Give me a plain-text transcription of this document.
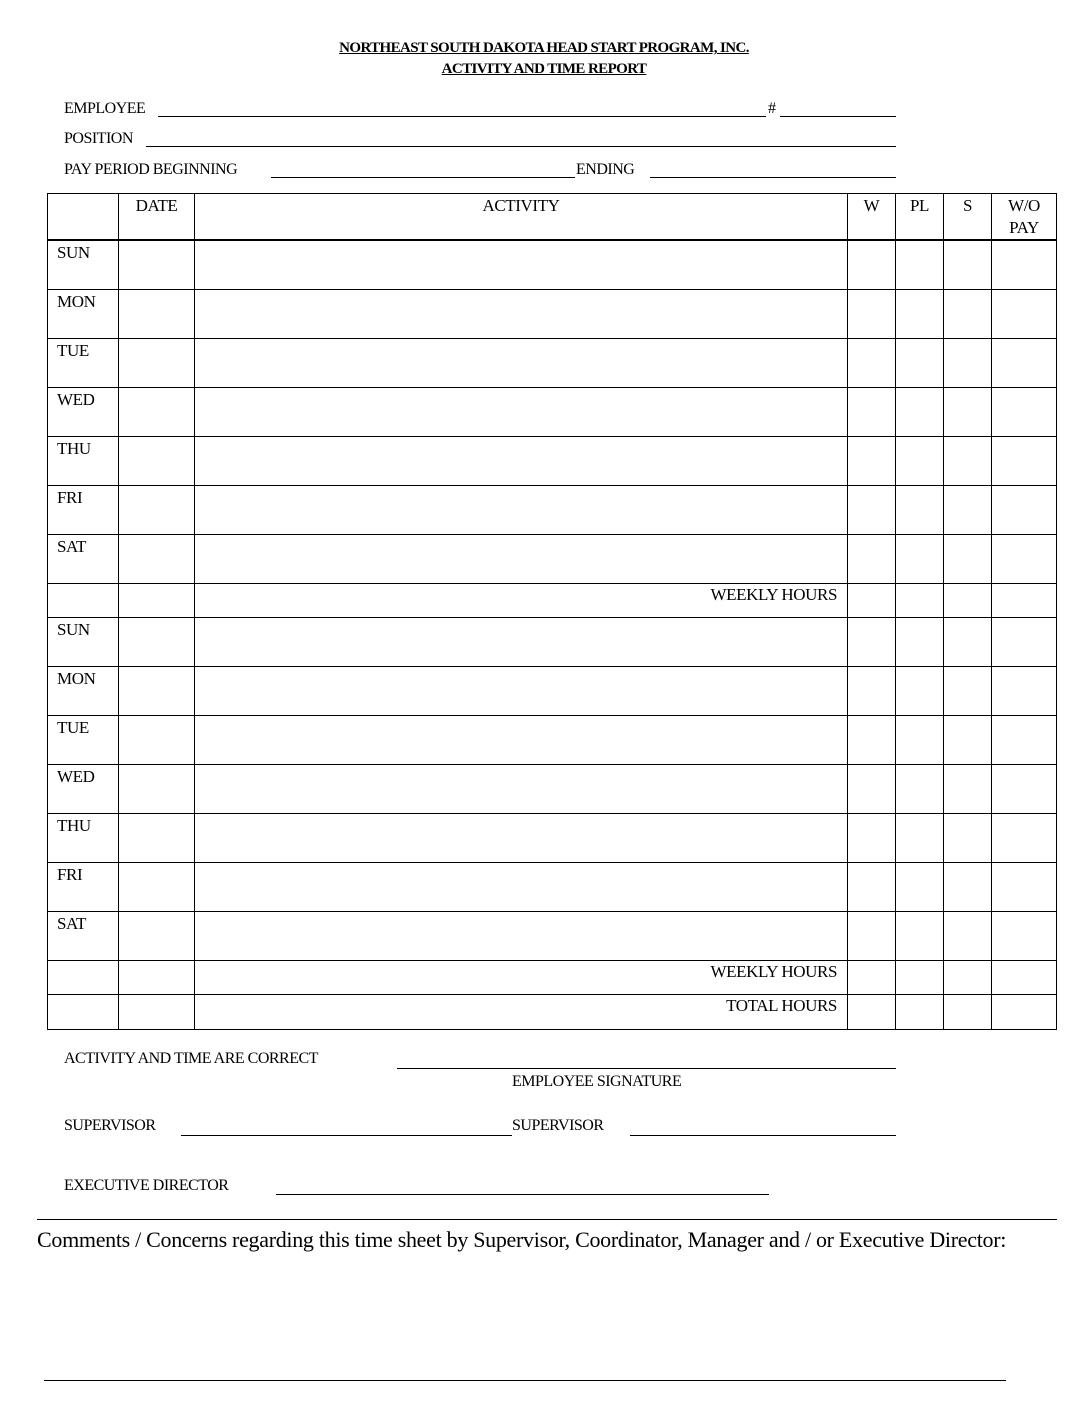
NORTHEAST SOUTH DAKOTA HEAD START PROGRAM, INC.
ACTIVITY AND TIME REPORT
EMPLOYEE	#
POSITION
PAY PERIOD BEGINNING	ENDING
	DATE	ACTIVITY	W	PL	S	W/O PAY
SUN						
MON						
TUE						
WED						
THU						
FRI						
SAT						
		WEEKLY HOURS				
SUN						
MON						
TUE						
WED						
THU						
FRI						
SAT						
		WEEKLY HOURS				
		TOTAL HOURS				
ACTIVITY AND TIME ARE CORRECT
EMPLOYEE SIGNATURE
SUPERVISOR	SUPERVISOR
EXECUTIVE DIRECTOR
Comments / Concerns regarding this time sheet by Supervisor, Coordinator, Manager and / or Executive Director:
